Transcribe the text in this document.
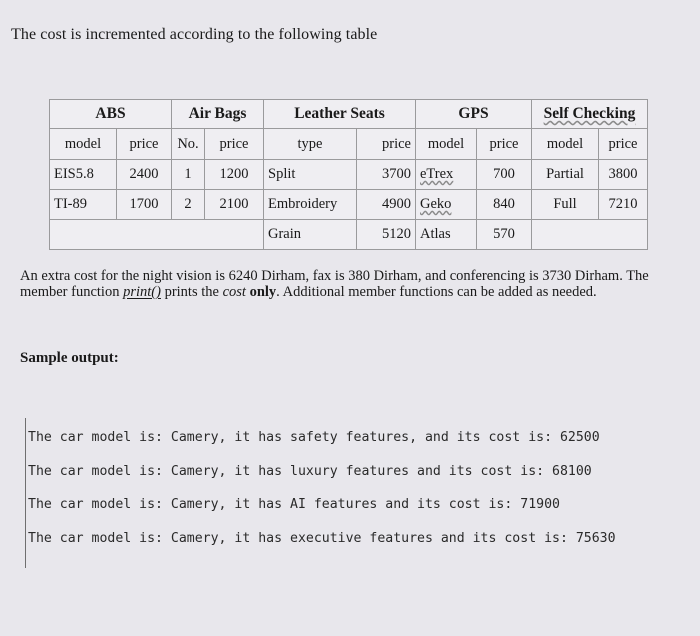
The cost is incremented according to the following table
ABS		Air Bags		Leather Seats		GPS		Self Checking	
model	price	No.	price	type	price	model	price	model	price
EIS5.8	2400	1	1200	Split	3700	eTrex	700	Partial	3800
TI-89	1700	2	2100	Embroidery	4900	Geko	840	Full	7210
				Grain	5120	Atlas	570		
An extra cost for the night vision is 6240 Dirham, fax is 380 Dirham, and conferencing is 3730 Dirham. The member function print() prints the cost only. Additional member functions can be added as needed.
Sample output:
The car model is: Camery, it has safety features, and its cost is: 62500
The car model is: Camery, it has luxury features and its cost is: 68100
The car model is: Camery, it has AI features and its cost is: 71900
The car model is: Camery, it has executive features and its cost is: 75630
